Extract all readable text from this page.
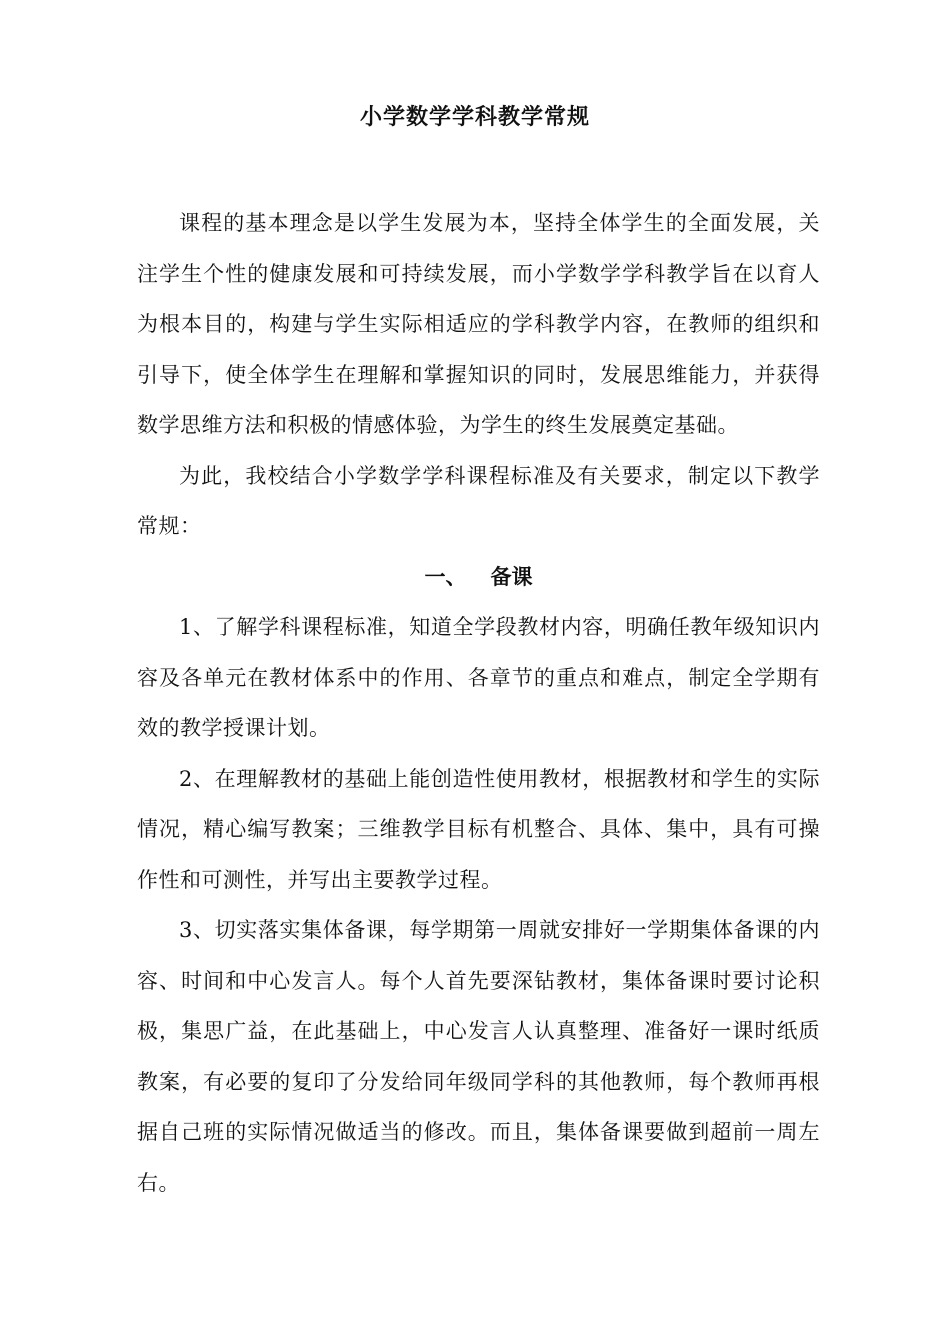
小学数学学科教学常规

课程的基本理念是以学生发展为本，坚持全体学生的全面发展，关注学生个性的健康发展和可持续发展，而小学数学学科教学旨在以育人为根本目的，构建与学生实际相适应的学科教学内容，在教师的组织和引导下，使全体学生在理解和掌握知识的同时，发展思维能力，并获得数学思维方法和积极的情感体验，为学生的终生发展奠定基础。

为此，我校结合小学数学学科课程标准及有关要求，制定以下教学常规：

一、 备课

1、了解学科课程标准，知道全学段教材内容，明确任教年级知识内容及各单元在教材体系中的作用、各章节的重点和难点，制定全学期有效的教学授课计划。

2、在理解教材的基础上能创造性使用教材，根据教材和学生的实际情况，精心编写教案；三维教学目标有机整合、具体、集中，具有可操作性和可测性，并写出主要教学过程。

3、切实落实集体备课，每学期第一周就安排好一学期集体备课的内容、时间和中心发言人。每个人首先要深钻教材，集体备课时要讨论积极，集思广益，在此基础上，中心发言人认真整理、准备好一课时纸质教案，有必要的复印了分发给同年级同学科的其他教师，每个教师再根据自己班的实际情况做适当的修改。而且，集体备课要做到超前一周左右。
